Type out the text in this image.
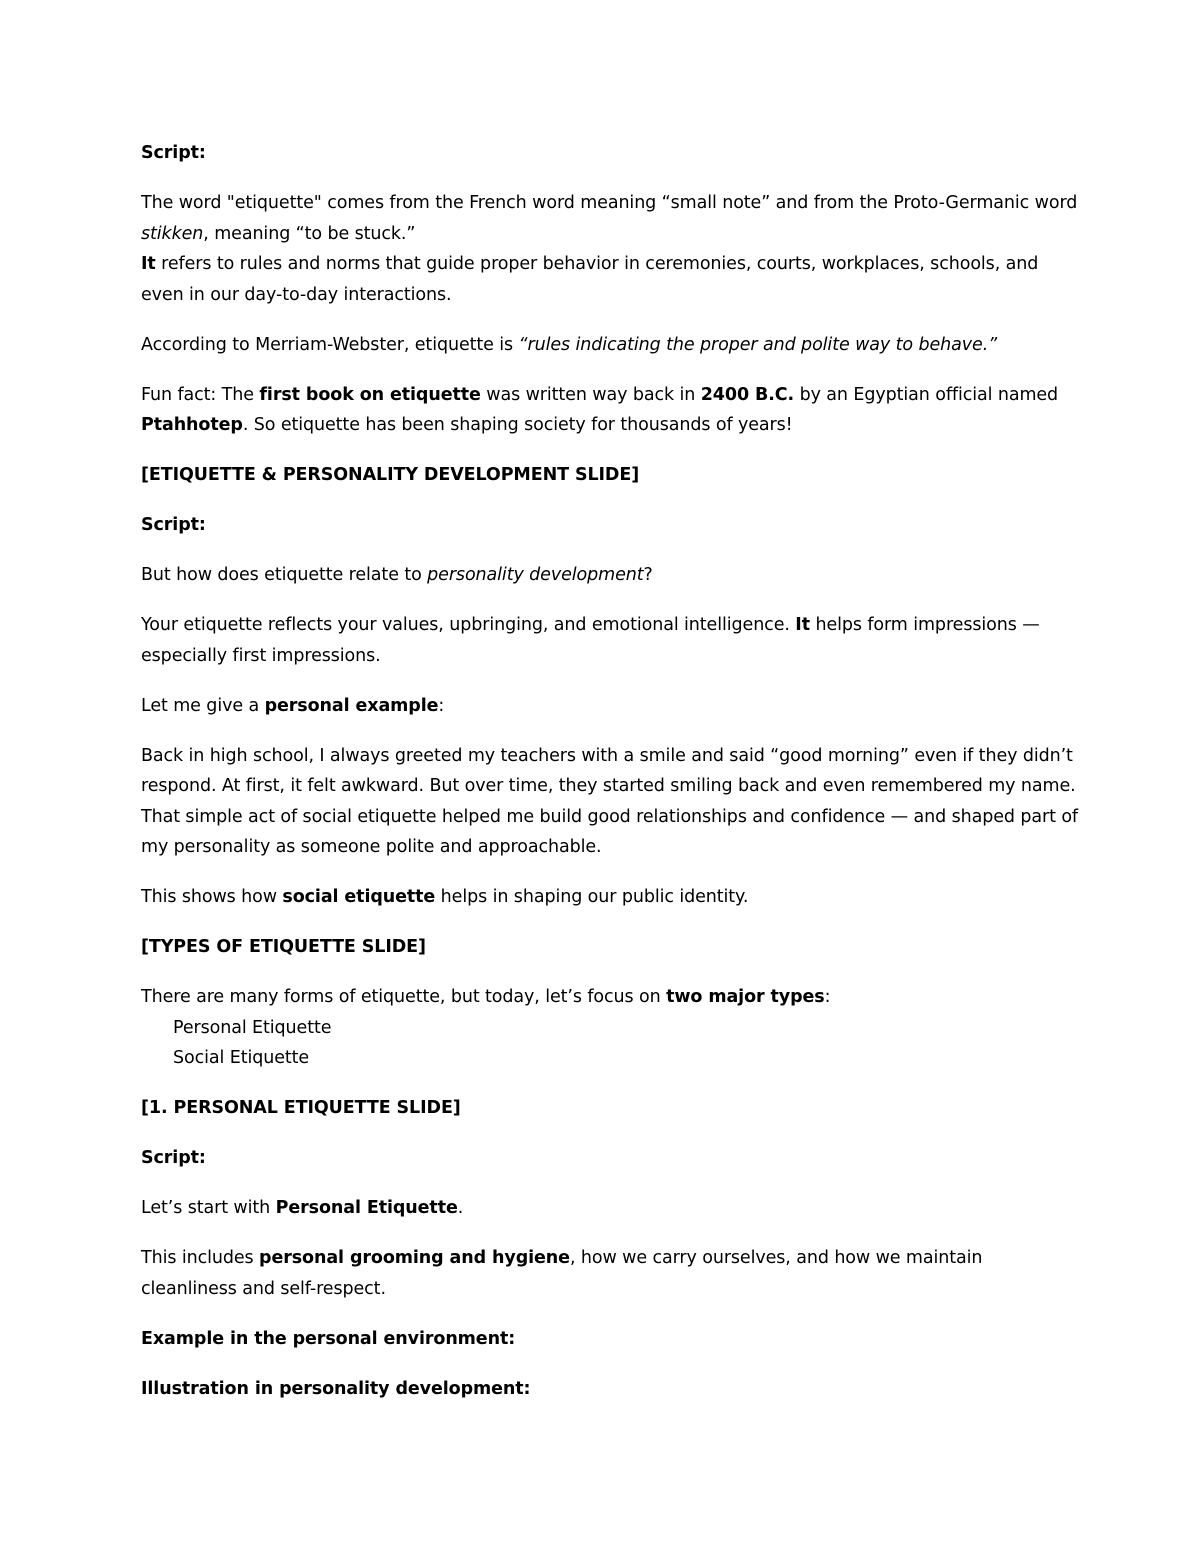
Script:

The word "etiquette" comes from the French word meaning “small note” and from the Proto-Germanic word stikken, meaning “to be stuck.”

It refers to rules and norms that guide proper behavior in ceremonies, courts, workplaces, schools, and even in our day-to-day interactions.

According to Merriam-Webster, etiquette is “rules indicating the proper and polite way to behave.”

Fun fact: The first book on etiquette was written way back in 2400 B.C. by an Egyptian official named Ptahhotep. So etiquette has been shaping society for thousands of years!

[ETIQUETTE & PERSONALITY DEVELOPMENT SLIDE]

Script:

But how does etiquette relate to personality development?

Your etiquette reflects your values, upbringing, and emotional intelligence. It helps form impressions — especially first impressions.

Let me give a personal example:

Back in high school, I always greeted my teachers with a smile and said “good morning” even if they didn’t respond. At first, it felt awkward. But over time, they started smiling back and even remembered my name. That simple act of social etiquette helped me build good relationships and confidence — and shaped part of my personality as someone polite and approachable.

This shows how social etiquette helps in shaping our public identity.

[TYPES OF ETIQUETTE SLIDE]

There are many forms of etiquette, but today, let’s focus on two major types:

Personal Etiquette
Social Etiquette

[1. PERSONAL ETIQUETTE SLIDE]

Script:

Let’s start with Personal Etiquette.

This includes personal grooming and hygiene, how we carry ourselves, and how we maintain cleanliness and self-respect.

Example in the personal environment:

Illustration in personality development:
